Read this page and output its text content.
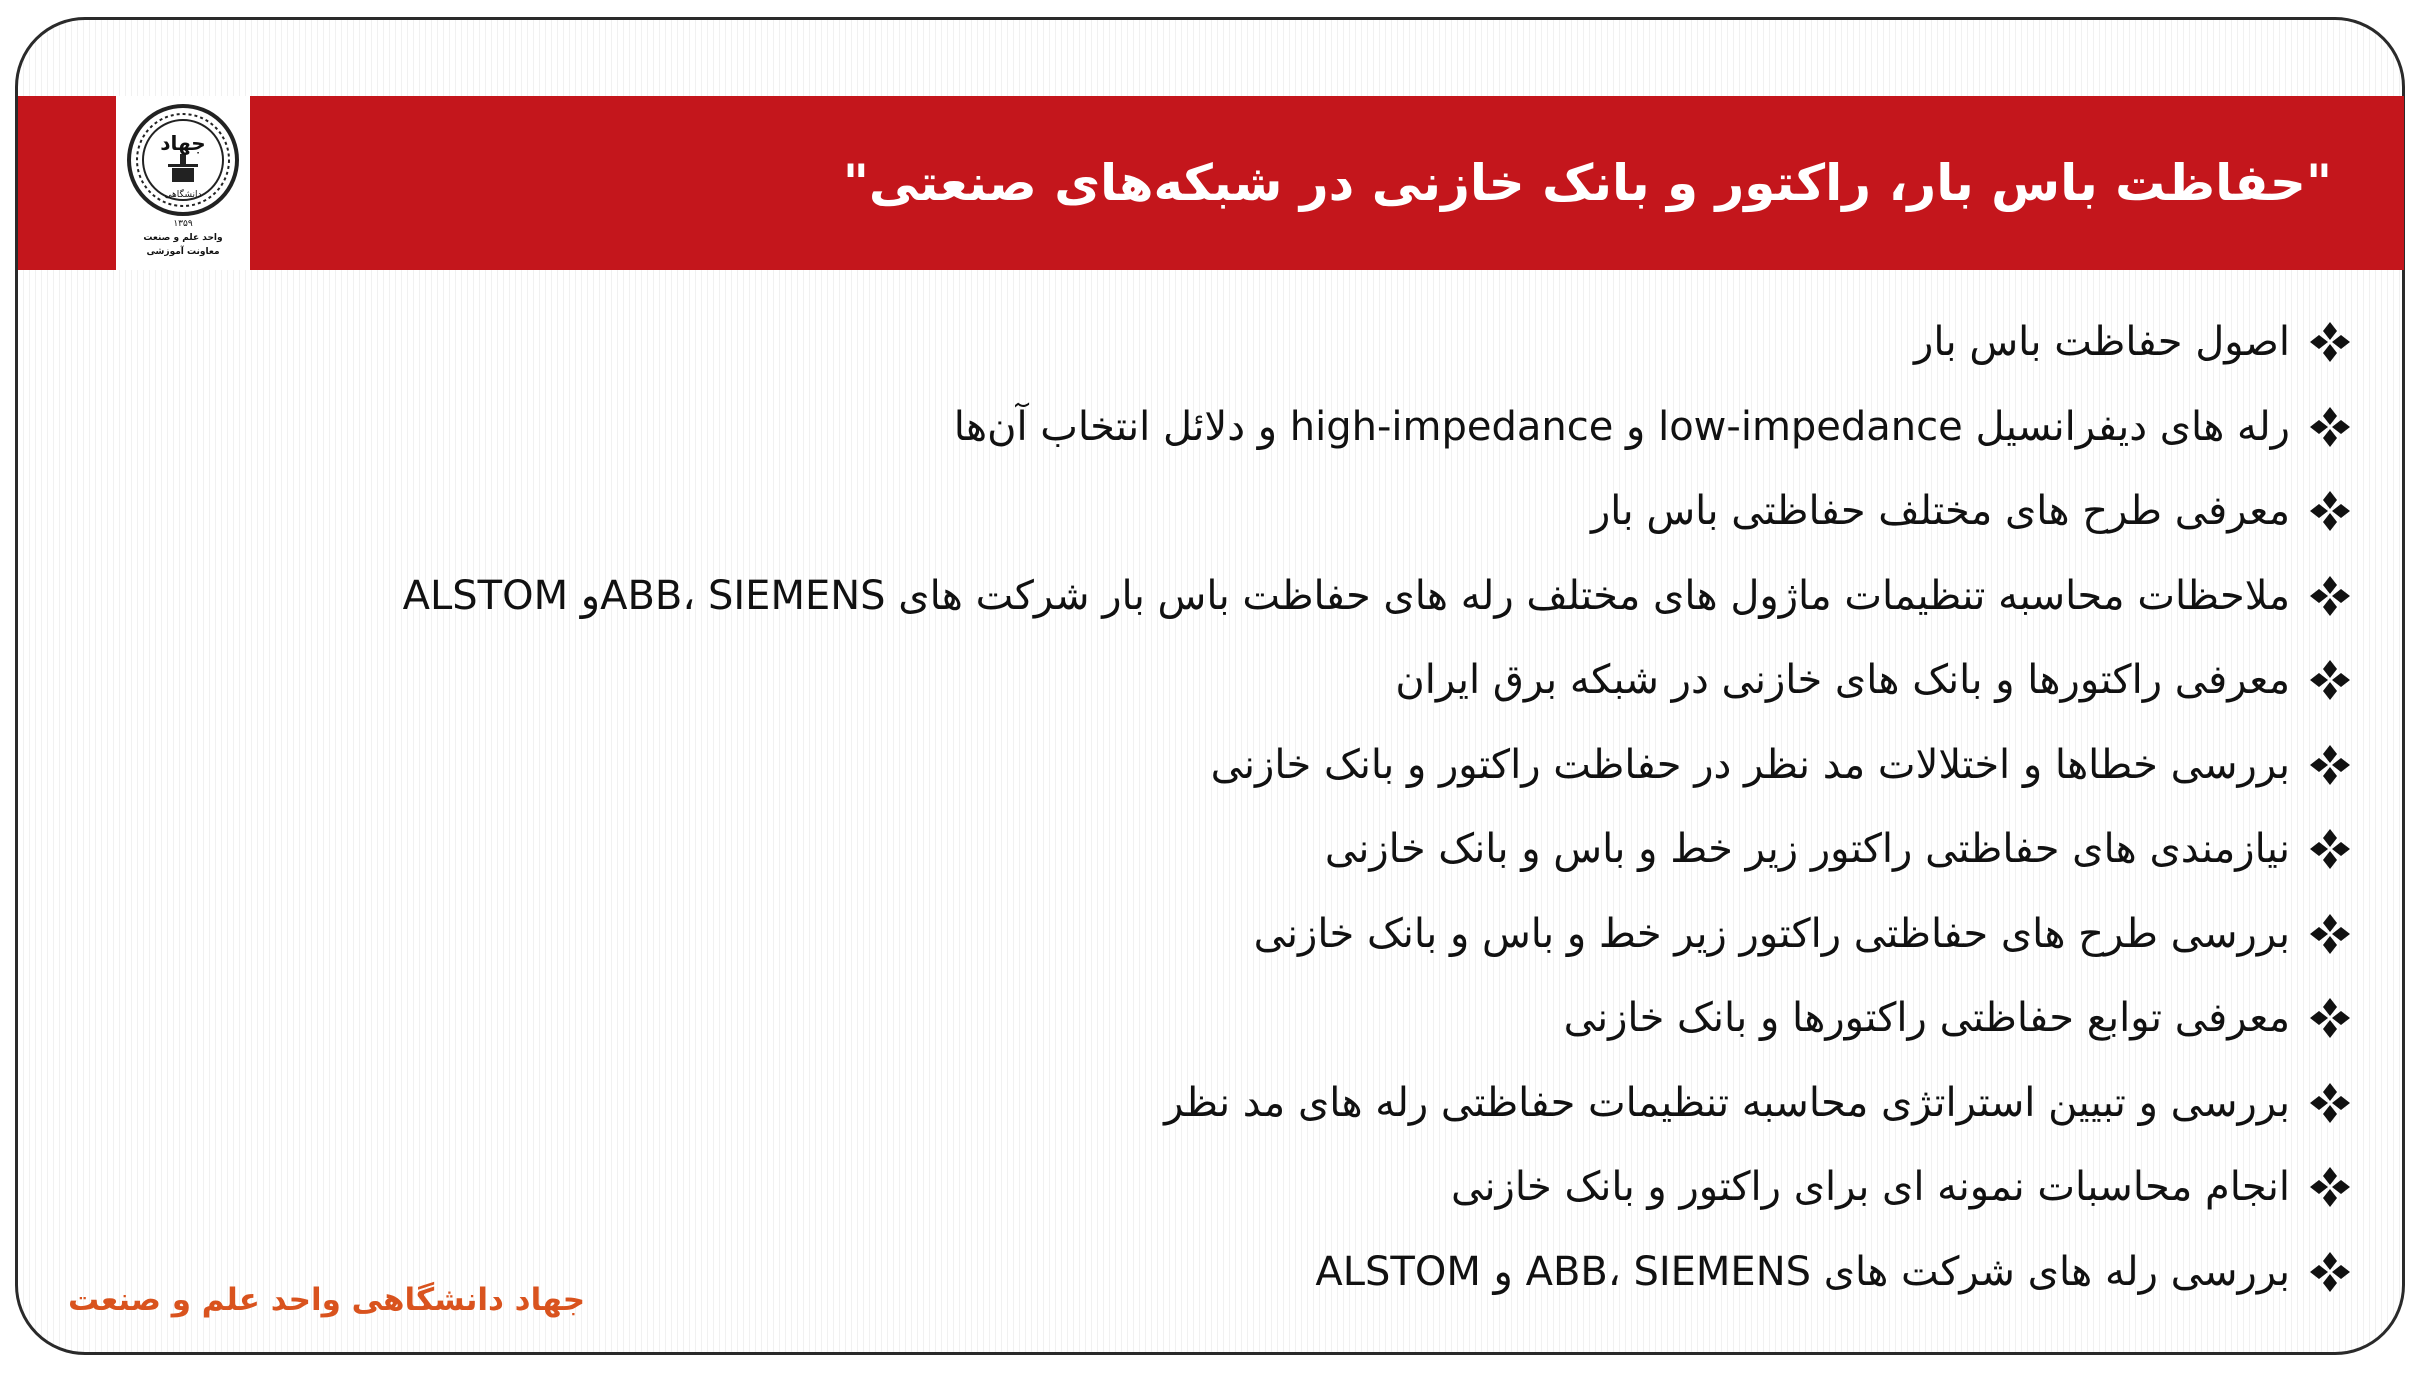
جهاد
دانشگاهی
۱۳۵۹
واحد علم و صنعت
معاونت آموزشی
"حفاظت باس بار، راکتور و بانک خازنی در شبکه‌های صنعتی"
اصول حفاظت باس بار
رله های دیفرانسیل low-impedance و high-impedance و دلائل انتخاب آن‌ها
معرفی طرح های مختلف حفاظتی باس بار
ملاحظات محاسبه تنظیمات ماژول های مختلف رله های حفاظت باس بار شرکت های ABB، SIEMENSو ALSTOM
معرفی راکتورها و بانک های خازنی در شبکه برق ایران
بررسی خطاها و اختلالات مد نظر در حفاظت راکتور و بانک خازنی
نیازمندی های حفاظتی راکتور زیر خط و باس و بانک خازنی
بررسی طرح های حفاظتی راکتور زیر خط و باس و بانک خازنی
معرفی توابع حفاظتی راکتورها و بانک خازنی
بررسی و تبیین استراتژی محاسبه تنظیمات حفاظتی رله های مد نظر
انجام محاسبات نمونه ای برای راکتور و بانک خازنی
بررسی رله های شرکت های ABB، SIEMENS و ALSTOM
جهاد دانشگاهی واحد علم و صنعت
